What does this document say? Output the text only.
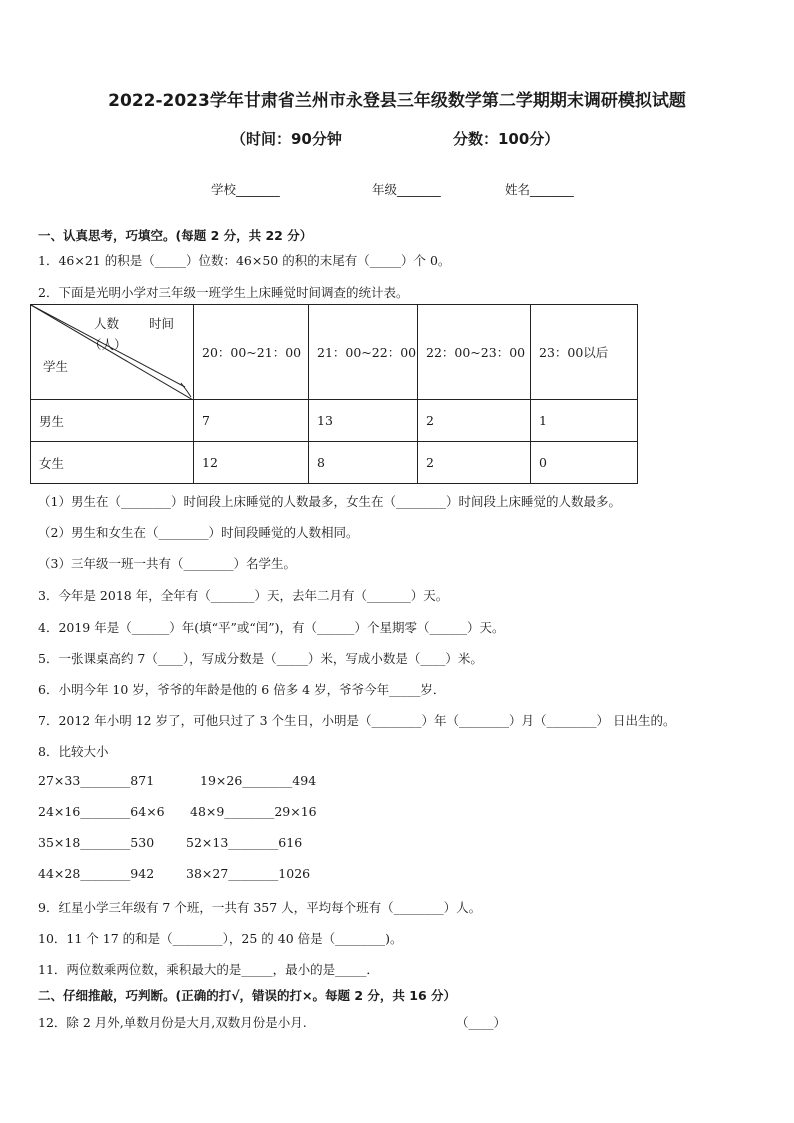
2022-2023学年甘肃省兰州市永登县三年级数学第二学期期末调研模拟试题
（时间：90分钟	分数：100分）
学校_______	年级_______	姓名_______
一、认真思考，巧填空。(每题 2 分，共 22 分）
1．46×21 的积是（_____）位数：46×50 的积的末尾有（_____）个 0。
2．下面是光明小学对三年级一班学生上床睡觉时间调查的统计表。
人数
（人）
时间
学生	20：00~21：00	21：00~22：00	22：00~23：00	23：00以后
男生	7	13	2	1
女生	12	8	2	0
（1）男生在（________）时间段上床睡觉的人数最多，女生在（________）时间段上床睡觉的人数最多。
（2）男生和女生在（________）时间段睡觉的人数相同。
（3）三年级一班一共有（________）名学生。
3．今年是 2018 年，全年有（_______）天，去年二月有（_______）天。
4．2019 年是（______）年(填“平”或“闰”)，有（______）个星期零（______）天。
5．一张课桌高约 7（____），写成分数是（_____）米，写成小数是（____）米。
6．小明今年 10 岁，爷爷的年龄是他的 6 倍多 4 岁，爷爷今年_____岁．
7．2012 年小明 12 岁了，可他只过了 3 个生日，小明是（________）年（________）月（________） 日出生的。
8．比较大小
27×33________871	19×26________494
24×16________64×6 48×9________29×16
35×18________530	52×13________616
44×28________942	38×27________1026
9．红星小学三年级有 7 个班，一共有 357 人，平均每个班有（________）人。
10．11 个 17 的和是（________），25 的 40 倍是（________)。
11．两位数乘两位数，乘积最大的是_____，最小的是_____．
二、仔细推敲，巧判断。(正确的打√，错误的打×。每题 2 分，共 16 分）
12．除 2 月外,单数月份是大月,双数月份是小月.	（____）
